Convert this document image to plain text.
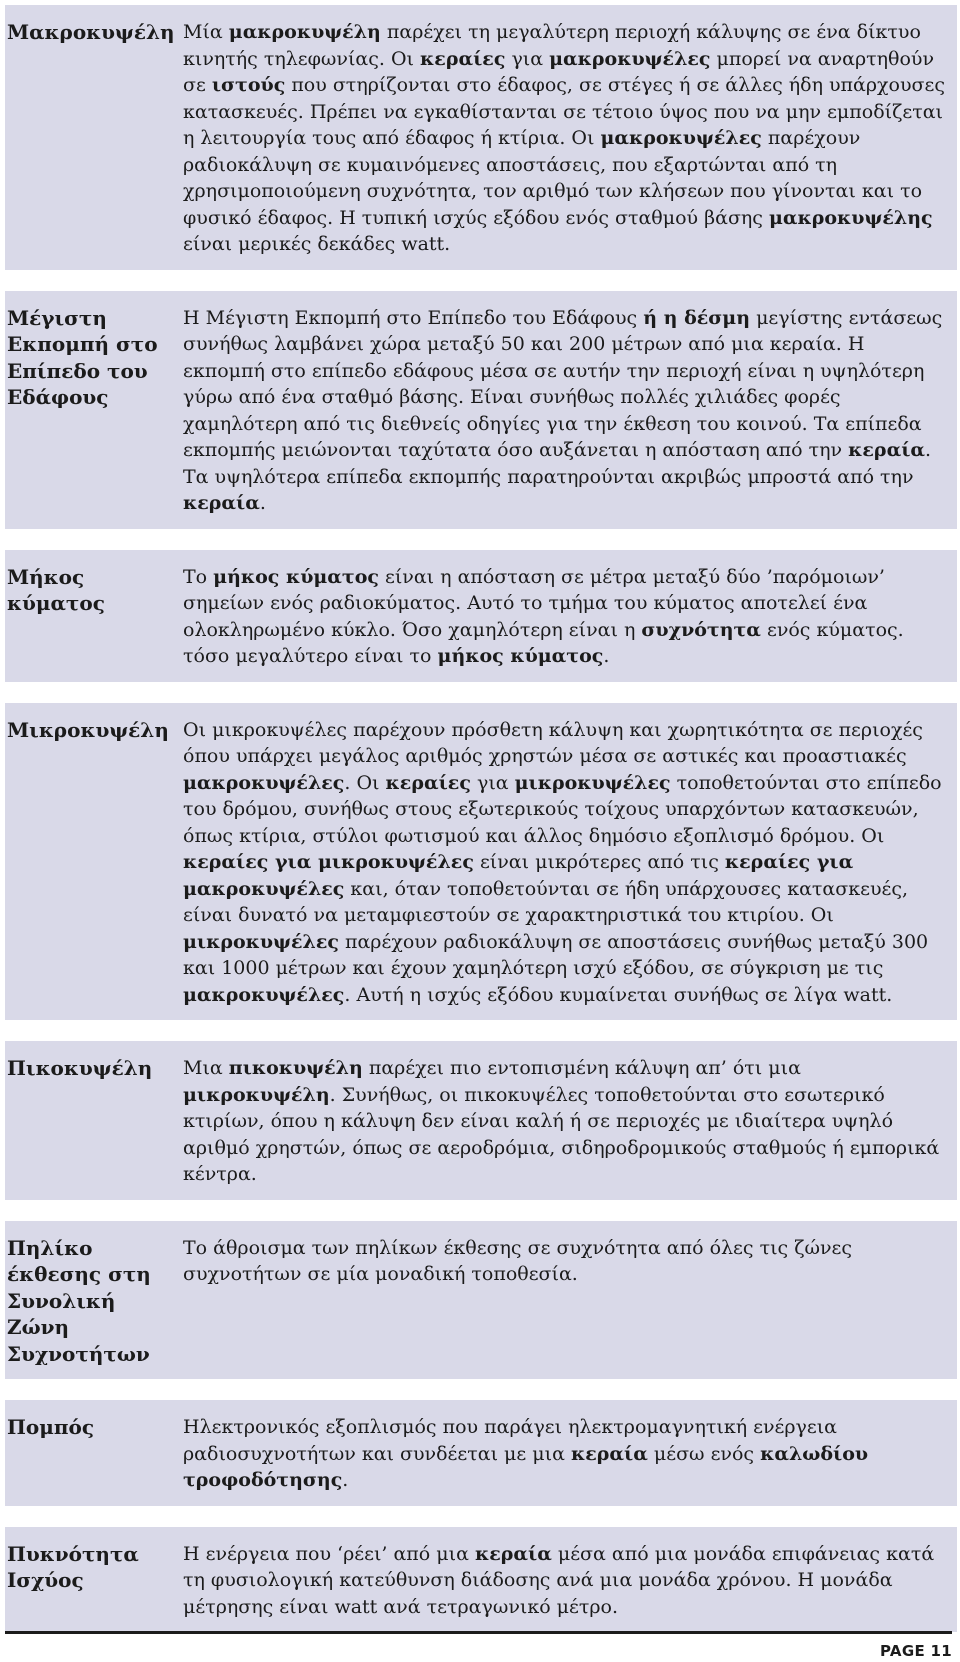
Μακροκυψέλη Μία μακροκυψέλη παρέχει τη μεγαλύτερη περιοχή κάλυψης σε ένα δίκτυο κινητής τηλεφωνίας. Οι κεραίες για μακροκυψέλες μπορεί να αναρτηθούν σε ιστούς που στηρίζονται στο έδαφος, σε στέγες ή σε άλλες ήδη υπάρχουσες κατασκευές. Πρέπει να εγκαθίστανται σε τέτοιο ύψος που να μην εμποδίζεται η λειτουργία τους από έδαφος ή κτίρια. Οι μακροκυψέλες παρέχουν ραδιοκάλυψη σε κυμαινόμενες αποστάσεις, που εξαρτώνται από τη χρησιμοποιούμενη συχνότητα, τον αριθμό των κλήσεων που γίνονται και το φυσικό έδαφος. Η τυπική ισχύς εξόδου ενός σταθμού βάσης μακροκυψέλης είναι μερικές δεκάδες watt.
Μέγιστη Εκπομπή στο Επίπεδο του Εδάφους
Η Μέγιστη Εκπομπή στο Επίπεδο του Εδάφους ή η δέσμη μεγίστης εντάσεως συνήθως λαμβάνει χώρα μεταξύ 50 και 200 μέτρων από μια κεραία. Η εκπομπή στο επίπεδο εδάφους μέσα σε αυτήν την περιοχή είναι η υψηλότερη γύρω από ένα σταθμό βάσης. Είναι συνήθως πολλές χιλιάδες φορές χαμηλότερη από τις διεθνείς οδηγίες για την έκθεση του κοινού. Τα επίπεδα εκπομπής μειώνονται ταχύτατα όσο αυξάνεται η απόσταση από την κεραία. Τα υψηλότερα επίπεδα εκπομπής παρατηρούνται ακριβώς μπροστά από την κεραία.
Μήκος κύματος
Το μήκος κύματος είναι η απόσταση σε μέτρα μεταξύ δύο ’παρόμοιων’ σημείων ενός ραδιοκύματος. Αυτό το τμήμα του κύματος αποτελεί ένα ολοκληρωμένο κύκλο. Όσο χαμηλότερη είναι η συχνότητα ενός κύματος. τόσο μεγαλύτερο είναι το μήκος κύματος.
Μικροκυψέλη Οι μικροκυψέλες παρέχουν πρόσθετη κάλυψη και χωρητικότητα σε περιοχές όπου υπάρχει μεγάλος αριθμός χρηστών μέσα σε αστικές και προαστιακές μακροκυψέλες. Οι κεραίες για μικροκυψέλες τοποθετούνται στο επίπεδο του δρόμου, συνήθως στους εξωτερικούς τοίχους υπαρχόντων κατασκευών, όπως κτίρια, στύλοι φωτισμού και άλλος δημόσιο εξοπλισμό δρόμου. Οι κεραίες για μικροκυψέλες είναι μικρότερες από τις κεραίες για μακροκυψέλες και, όταν τοποθετούνται σε ήδη υπάρχουσες κατασκευές, είναι δυνατό να μεταμφιεστούν σε χαρακτηριστικά του κτιρίου. Οι μικροκυψέλες παρέχουν ραδιοκάλυψη σε αποστάσεις συνήθως μεταξύ 300 και 1000 μέτρων και έχουν χαμηλότερη ισχύ εξόδου, σε σύγκριση με τις μακροκυψέλες. Αυτή η ισχύς εξόδου κυμαίνεται συνήθως σε λίγα watt.
Πικοκυψέλη	Μια πικοκυψέλη παρέχει πιο εντοπισμένη κάλυψη απ’ ότι μια μικροκυψέλη. Συνήθως, οι πικοκυψέλες τοποθετούνται στο εσωτερικό κτιρίων, όπου η κάλυψη δεν είναι καλή ή σε περιοχές με ιδιαίτερα υψηλό αριθμό χρηστών, όπως σε αεροδρόμια, σιδηροδρομικούς σταθμούς ή εμπορικά κέντρα.
Πηλίκο έκθεσης στη Συνολική Ζώνη Συχνοτήτων
Το άθροισμα των πηλίκων έκθεσης σε συχνότητα από όλες τις ζώνες συχνοτήτων σε μία μοναδική τοποθεσία.
Πομπός	Ηλεκτρονικός εξοπλισμός που παράγει ηλεκτρομαγνητική ενέργεια ραδιοσυχνοτήτων και συνδέεται με μια κεραία μέσω ενός καλωδίου τροφοδότησης.
Πυκνότητα Ισχύος
Η ενέργεια που ‘ρέει’ από μια κεραία μέσα από μια μονάδα επιφάνειας κατά τη φυσιολογική κατεύθυνση διάδοσης ανά μια μονάδα χρόνου. Η μονάδα μέτρησης είναι watt ανά τετραγωνικό μέτρο.
PAGE 11
